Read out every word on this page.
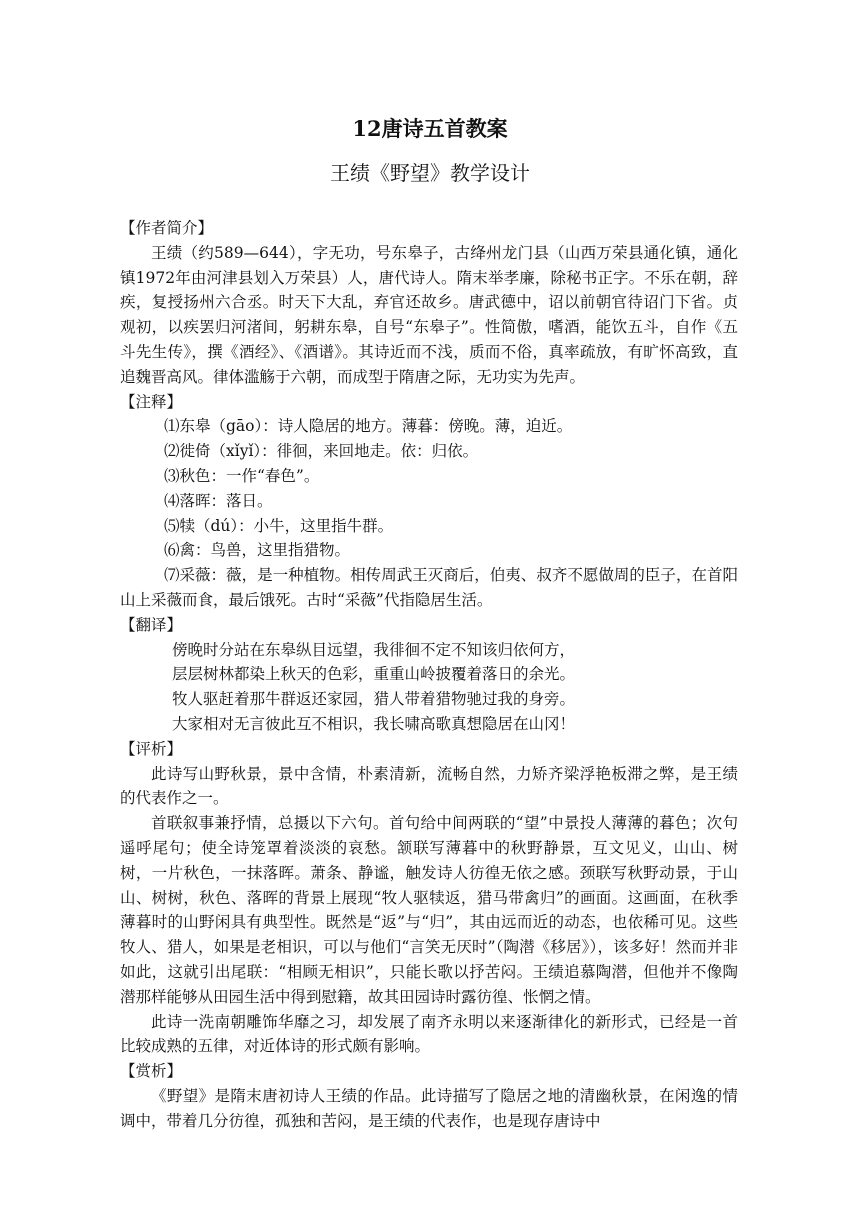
12唐诗五首教案
王绩《野望》教学设计

【作者简介】

王绩（约589—644），字无功，号东皋子，古绛州龙门县（山西万荣县通化镇，通化镇1972年由河津县划入万荣县）人，唐代诗人。隋末举孝廉，除秘书正字。不乐在朝，辞疾，复授扬州六合丞。时天下大乱，弃官还故乡。唐武德中，诏以前朝官待诏门下省。贞观初，以疾罢归河渚间，躬耕东皋，自号“东皋子”。性简傲，嗜酒，能饮五斗，自作《五斗先生传》，撰《酒经》、《酒谱》。其诗近而不浅，质而不俗，真率疏放，有旷怀高致，直追魏晋高风。律体滥觞于六朝，而成型于隋唐之际，无功实为先声。

【注释】

⑴东皋（gāo）：诗人隐居的地方。薄暮：傍晚。薄，迫近。

⑵徙倚（xǐyǐ）：徘徊，来回地走。依：归依。

⑶秋色：一作“春色”。

⑷落晖：落日。

⑸犊（dú）：小牛，这里指牛群。

⑹禽：鸟兽，这里指猎物。

⑺采薇：薇，是一种植物。相传周武王灭商后，伯夷、叔齐不愿做周的臣子，在首阳山上采薇而食，最后饿死。古时“采薇”代指隐居生活。

【翻译】

傍晚时分站在东皋纵目远望，我徘徊不定不知该归依何方，

层层树林都染上秋天的色彩，重重山岭披覆着落日的余光。

牧人驱赶着那牛群返还家园，猎人带着猎物驰过我的身旁。

大家相对无言彼此互不相识，我长啸高歌真想隐居在山冈！

【评析】

此诗写山野秋景，景中含情，朴素清新，流畅自然，力矫齐梁浮艳板滞之弊，是王绩的代表作之一。

首联叙事兼抒情，总摄以下六句。首句给中间两联的“望”中景投人薄薄的暮色；次句遥呼尾句；使全诗笼罩着淡淡的哀愁。颔联写薄暮中的秋野静景，互文见义，山山、树树，一片秋色，一抹落晖。萧条、静谧，触发诗人彷徨无依之感。颈联写秋野动景，于山山、树树，秋色、落晖的背景上展现“牧人驱犊返，猎马带禽归”的画面。这画面，在秋季薄暮时的山野闲具有典型性。既然是“返”与“归”，其由远而近的动态，也依稀可见。这些牧人、猎人，如果是老相识，可以与他们“言笑无厌时”（陶潜《移居》），该多好！然而并非如此，这就引出尾联：“相顾无相识”，只能长歌以抒苦闷。王绩追慕陶潜，但他并不像陶潜那样能够从田园生活中得到慰籍，故其田园诗时露彷徨、怅惘之情。

此诗一洗南朝雕饰华靡之习，却发展了南齐永明以来逐渐律化的新形式，已经是一首比较成熟的五律，对近体诗的形式颇有影响。

【赏析】

《野望》是隋末唐初诗人王绩的作品。此诗描写了隐居之地的清幽秋景，在闲逸的情调中，带着几分彷徨，孤独和苦闷，是王绩的代表作，也是现存唐诗中
